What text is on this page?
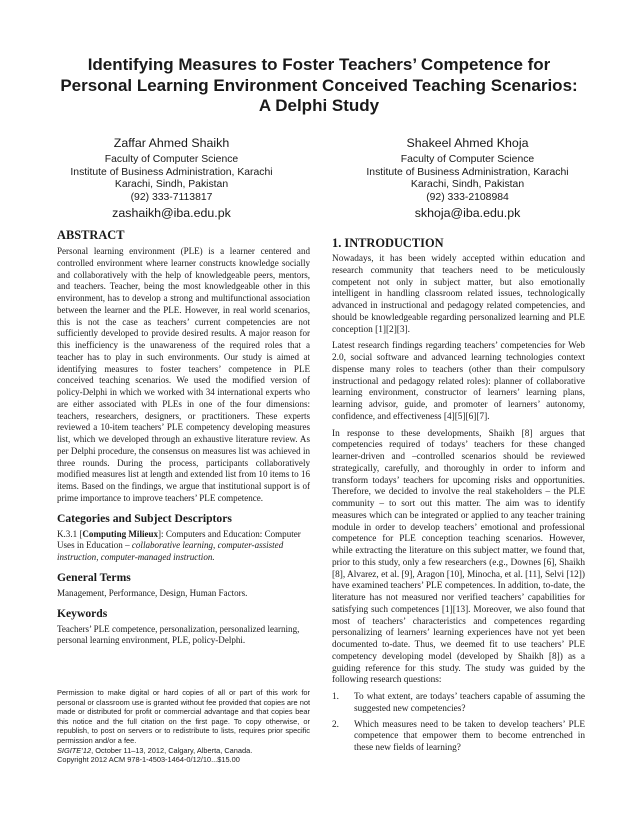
Identifying Measures to Foster Teachers’ Competence for Personal Learning Environment Conceived Teaching Scenarios: A Delphi Study
Zaffar Ahmed Shaikh
Faculty of Computer Science
Institute of Business Administration, Karachi
Karachi, Sindh, Pakistan
(92) 333-7113817
zashaikh@iba.edu.pk
Shakeel Ahmed Khoja
Faculty of Computer Science
Institute of Business Administration, Karachi
Karachi, Sindh, Pakistan
(92) 333-2108984
skhoja@iba.edu.pk
ABSTRACT

Personal learning environment (PLE) is a learner centered and controlled environment where learner constructs knowledge socially and collaboratively with the help of knowledgeable peers, mentors, and teachers. Teacher, being the most knowledgeable other in this environment, has to develop a strong and multifunctional association between the learner and the PLE. However, in real world scenarios, this is not the case as teachers’ current competencies are not sufficiently developed to provide desired results. A major reason for this inefficiency is the unawareness of the required roles that a teacher has to play in such environments. Our study is aimed at identifying measures to foster teachers’ competence in PLE conceived teaching scenarios. We used the modified version of policy-Delphi in which we worked with 34 international experts who are either associated with PLEs in one of the four dimensions: teachers, researchers, designers, or practitioners. These experts reviewed a 10-item teachers’ PLE competency developing measures list, which we developed through an exhaustive literature review. As per Delphi procedure, the consensus on measures list was achieved in three rounds. During the process, participants collaboratively modified measures list at length and extended list from 10 items to 16 items. Based on the findings, we argue that institutional support is of prime importance to improve teachers’ PLE competence.

Categories and Subject Descriptors
K.3.1 [Computing Milieux]: Computers and Education: Computer Uses in Education – collaborative learning, computer-assisted instruction, computer-managed instruction.
General Terms
Management, Performance, Design, Human Factors.
Keywords
Teachers’ PLE competence, personalization, personalized learning, personal learning environment, PLE, policy-Delphi.

Permission to make digital or hard copies of all or part of this work for personal or classroom use is granted without fee provided that copies are not made or distributed for profit or commercial advantage and that copies bear this notice and the full citation on the first page. To copy otherwise, or republish, to post on servers or to redistribute to lists, requires prior specific permission and/or a fee.

SIGITE’12, October 11–13, 2012, Calgary, Alberta, Canada.

Copyright 2012 ACM 978-1-4503-1464-0/12/10...$15.00

1. INTRODUCTION

Nowadays, it has been widely accepted within education and research community that teachers need to be meticulously competent not only in subject matter, but also emotionally intelligent in handling classroom related issues, technologically advanced in instructional and pedagogy related competencies, and should be knowledgeable regarding personalized learning and PLE conception [1][2][3].

Latest research findings regarding teachers’ competencies for Web 2.0, social software and advanced learning technologies context dispense many roles to teachers (other than their compulsory instructional and pedagogy related roles): planner of collaborative learning environment, constructor of learners’ learning plans, learning advisor, guide, and promoter of learners’ autonomy, confidence, and effectiveness [4][5][6][7].

In response to these developments, Shaikh [8] argues that competencies required of todays’ teachers for these changed learner-driven and –controlled scenarios should be reviewed strategically, carefully, and thoroughly in order to inform and transform todays’ teachers for upcoming risks and opportunities. Therefore, we decided to involve the real stakeholders – the PLE community – to sort out this matter. The aim was to identify measures which can be integrated or applied to any teacher training module in order to develop teachers’ emotional and professional competence for PLE conception teaching scenarios. However, while extracting the literature on this subject matter, we found that, prior to this study, only a few researchers (e.g., Downes [6], Shaikh [8], Alvarez, et al. [9], Aragon [10], Minocha, et al. [11], Selvi [12]) have examined teachers’ PLE competences. In addition, to-date, the literature has not measured nor verified teachers’ capabilities for satisfying such competences [1][13]. Moreover, we also found that most of teachers’ characteristics and competences regarding personalizing of learners’ learning experiences have not yet been documented to-date. Thus, we deemed fit to use teachers’ PLE competency developing model (developed by Shaikh [8]) as a guiding reference for this study. The study was guided by the following research questions:

1. To what extent, are todays’ teachers capable of assuming the suggested new competencies?
2. Which measures need to be taken to develop teachers’ PLE competence that empower them to become entrenched in these new fields of learning?
